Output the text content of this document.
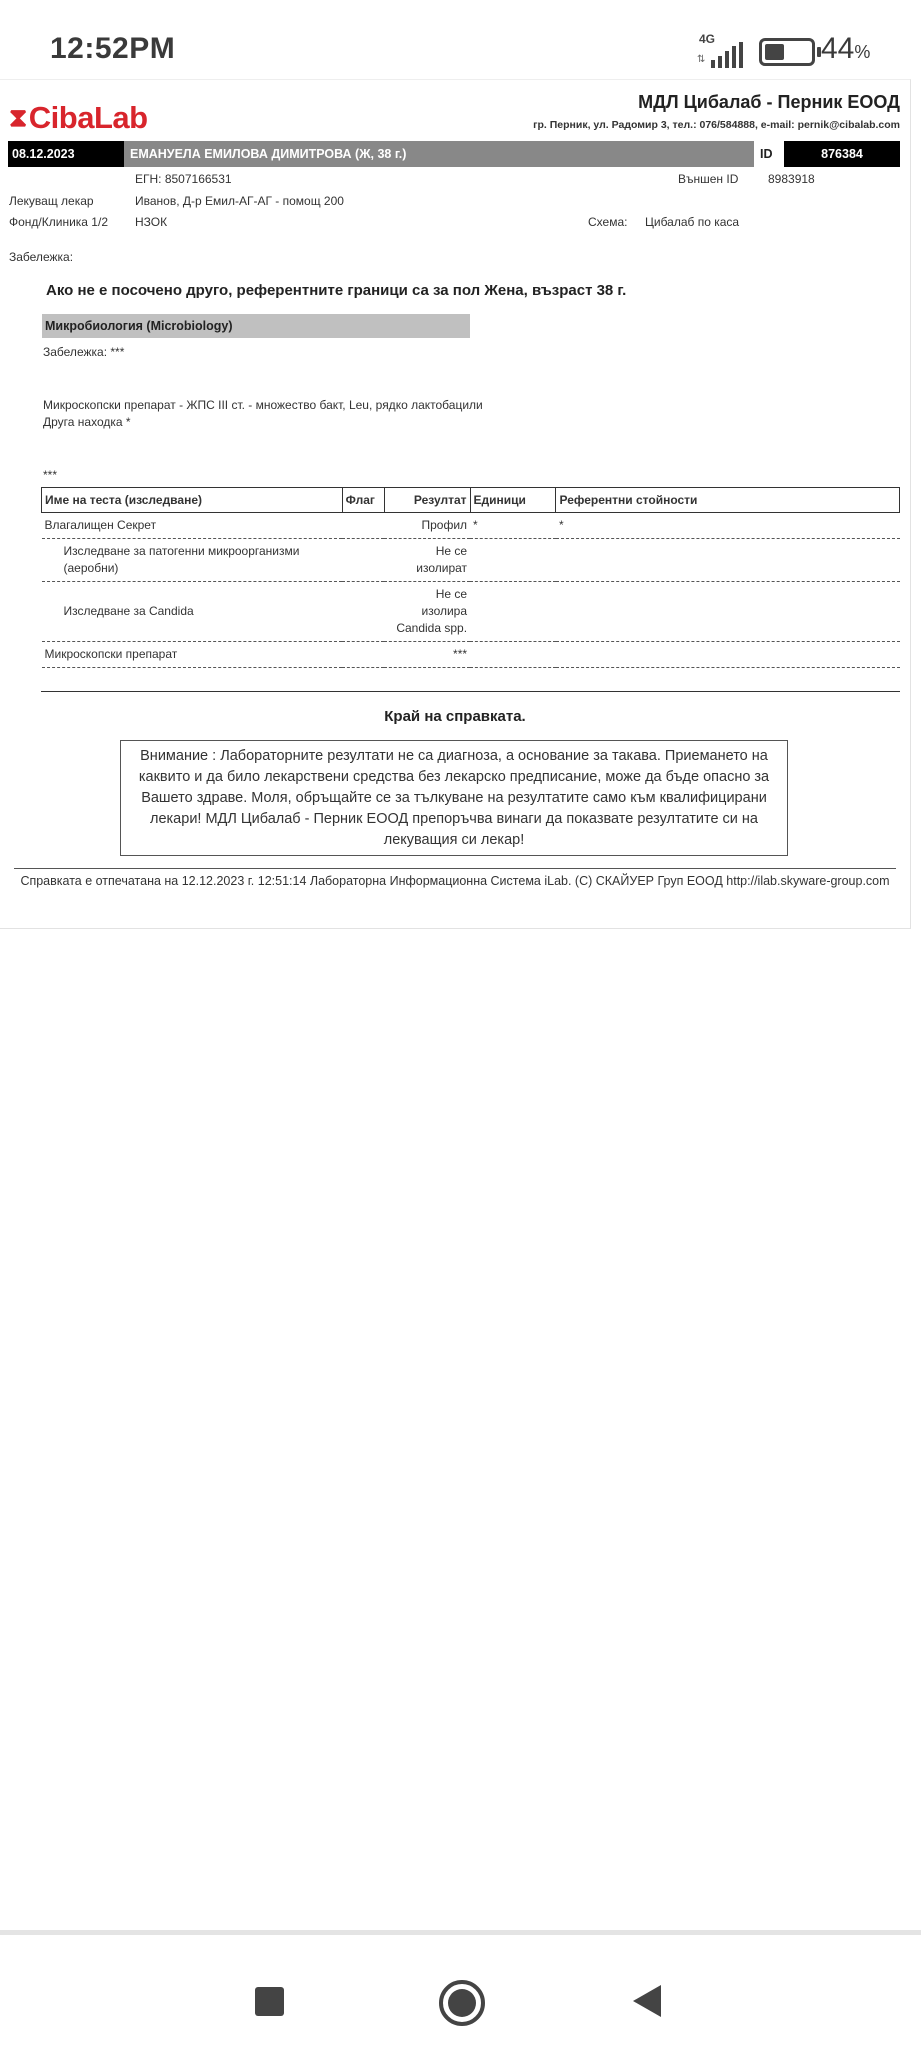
12:52PM	4G
⇅	44%
⧗ CibaLab	МДЛ Цибалаб - Перник ЕООД
гр. Перник, ул. Радомир 3, тел.: 076/584888, e-mail: pernik@cibalab.com
08.12.2023	ЕМАНУЕЛА ЕМИЛОВА ДИМИТРОВА (Ж, 38 г.)	ID	876384
ЕГН: 8507166531	Външен ID 8983918
Лекуващ лекар	Иванов, Д-р Емил-АГ-АГ - помощ 200
Фонд/Клиника 1/2 НЗОК	Схема: Цибалаб по каса
Забележка:
Ако не е посочено друго, референтните граници са за пол Жена, възраст 38 г.
Микробиология (Microbiology)
Забележка: ***
Микроскопски препарат - ЖПС III ст. - множество бакт, Leu, рядко лактобацили
Друга находка *
***
Име на теста (изследване)	Флаг	Резултат	Единици	Референтни стойности
Влагалищен Секрет		Профил	*	*
Изследване за патогенни микроорганизми (аеробни)		Не се изолират		
Изследване за Candida		Не се изолира Candida spp.		
Микроскопски препарат		***		
Край на справката.
Внимание : Лабораторните резултати не са диагноза, а основание за такава. Приемането на каквито и да било лекарствени средства без лекарско предписание, може да бъде опасно за Вашето здраве. Моля, обръщайте се за тълкуване на резултатите само към квалифицирани лекари! МДЛ Цибалаб - Перник ЕООД препоръчва винаги да показвате резултатите си на лекуващия си лекар!
Справката е отпечатана на 12.12.2023 г. 12:51:14 Лабораторна Информационна Система iLab. (C) СКАЙУЕР Груп ЕООД http://ilab.skyware-group.com
